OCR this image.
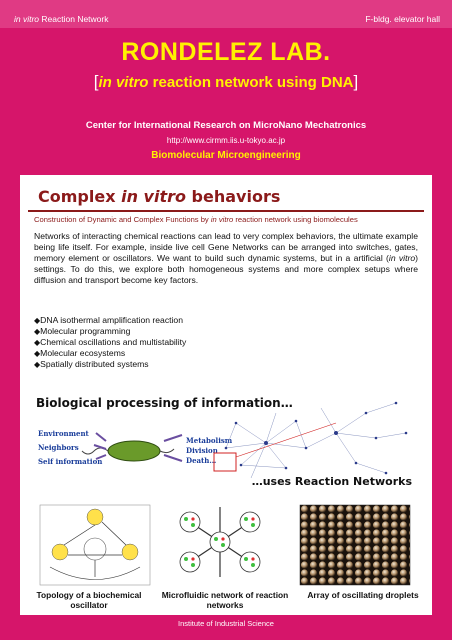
in vitro Reaction Network	F-bldg. elevator hall
RONDELEZ LAB.
[in vitro reaction network using DNA]
Center for International Research on MicroNano Mechatronics
http://www.cirmm.iis.u-tokyo.ac.jp
Biomolecular Microengineering
Complex in vitro behaviors
Construction of Dynamic and Complex Functions by in vitro reaction network using biomolecules
Networks of interacting chemical reactions can lead to very complex behaviors, the ultimate example being life itself. For example, inside live cell Gene Networks can be arranged into switches, gates, memory element or oscillators. We want to build such dynamic systems, but in a artificial (in vitro) settings. To do this, we explore both homogeneous systems and more complex setups where diffusion and transport become key factors.
◆DNA isothermal amplification reaction
◆Molecular programming
◆Chemical oscillations and multistability
◆Molecular ecosystems
◆Spatially distributed systems
Environment
Neighbors
Self information
Metabolism
Division
Death…
Biological processing of information…
…uses Reaction Networks
Topology of a biochemical oscillator
Microfluidic network of reaction networks
Array of oscillating droplets
Institute of Industrial Science
